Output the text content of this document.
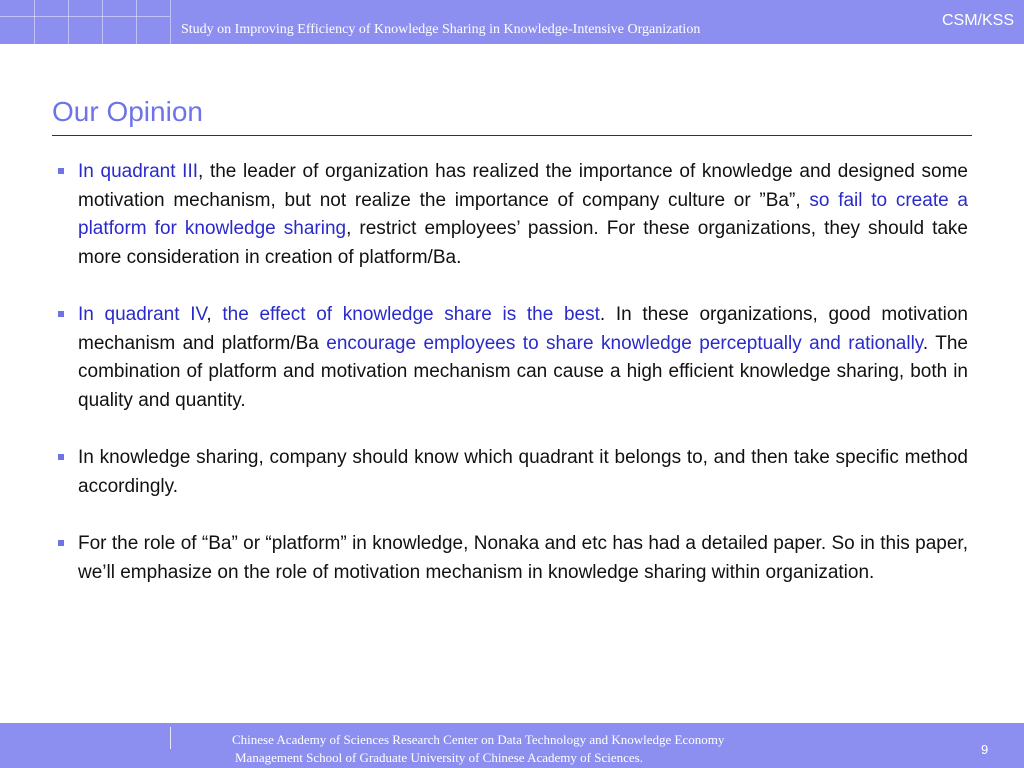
Study on Improving Efficiency of Knowledge Sharing in Knowledge-Intensive Organization
CSM/KSS
Our Opinion
In quadrant III, the leader of organization has realized the importance of knowledge and designed some motivation mechanism, but not realize the importance of company culture or ”Ba”, so fail to create a platform for knowledge sharing, restrict employees’ passion. For these organizations, they should take more consideration in creation of platform/Ba.
In quadrant IV, the effect of knowledge share is the best. In these organizations, good motivation mechanism and platform/Ba encourage employees to share knowledge perceptually and rationally. The combination of platform and motivation mechanism can cause a high efficient knowledge sharing, both in quality and quantity.
In knowledge sharing, company should know which quadrant it belongs to, and then take specific method accordingly.
For the role of “Ba” or “platform” in knowledge, Nonaka and etc has had a detailed paper. So in this paper, we’ll emphasize on the role of motivation mechanism in knowledge sharing within organization.
Chinese Academy of Sciences Research Center on Data Technology and Knowledge Economy
Management School of Graduate University of Chinese Academy of Sciences.
9
